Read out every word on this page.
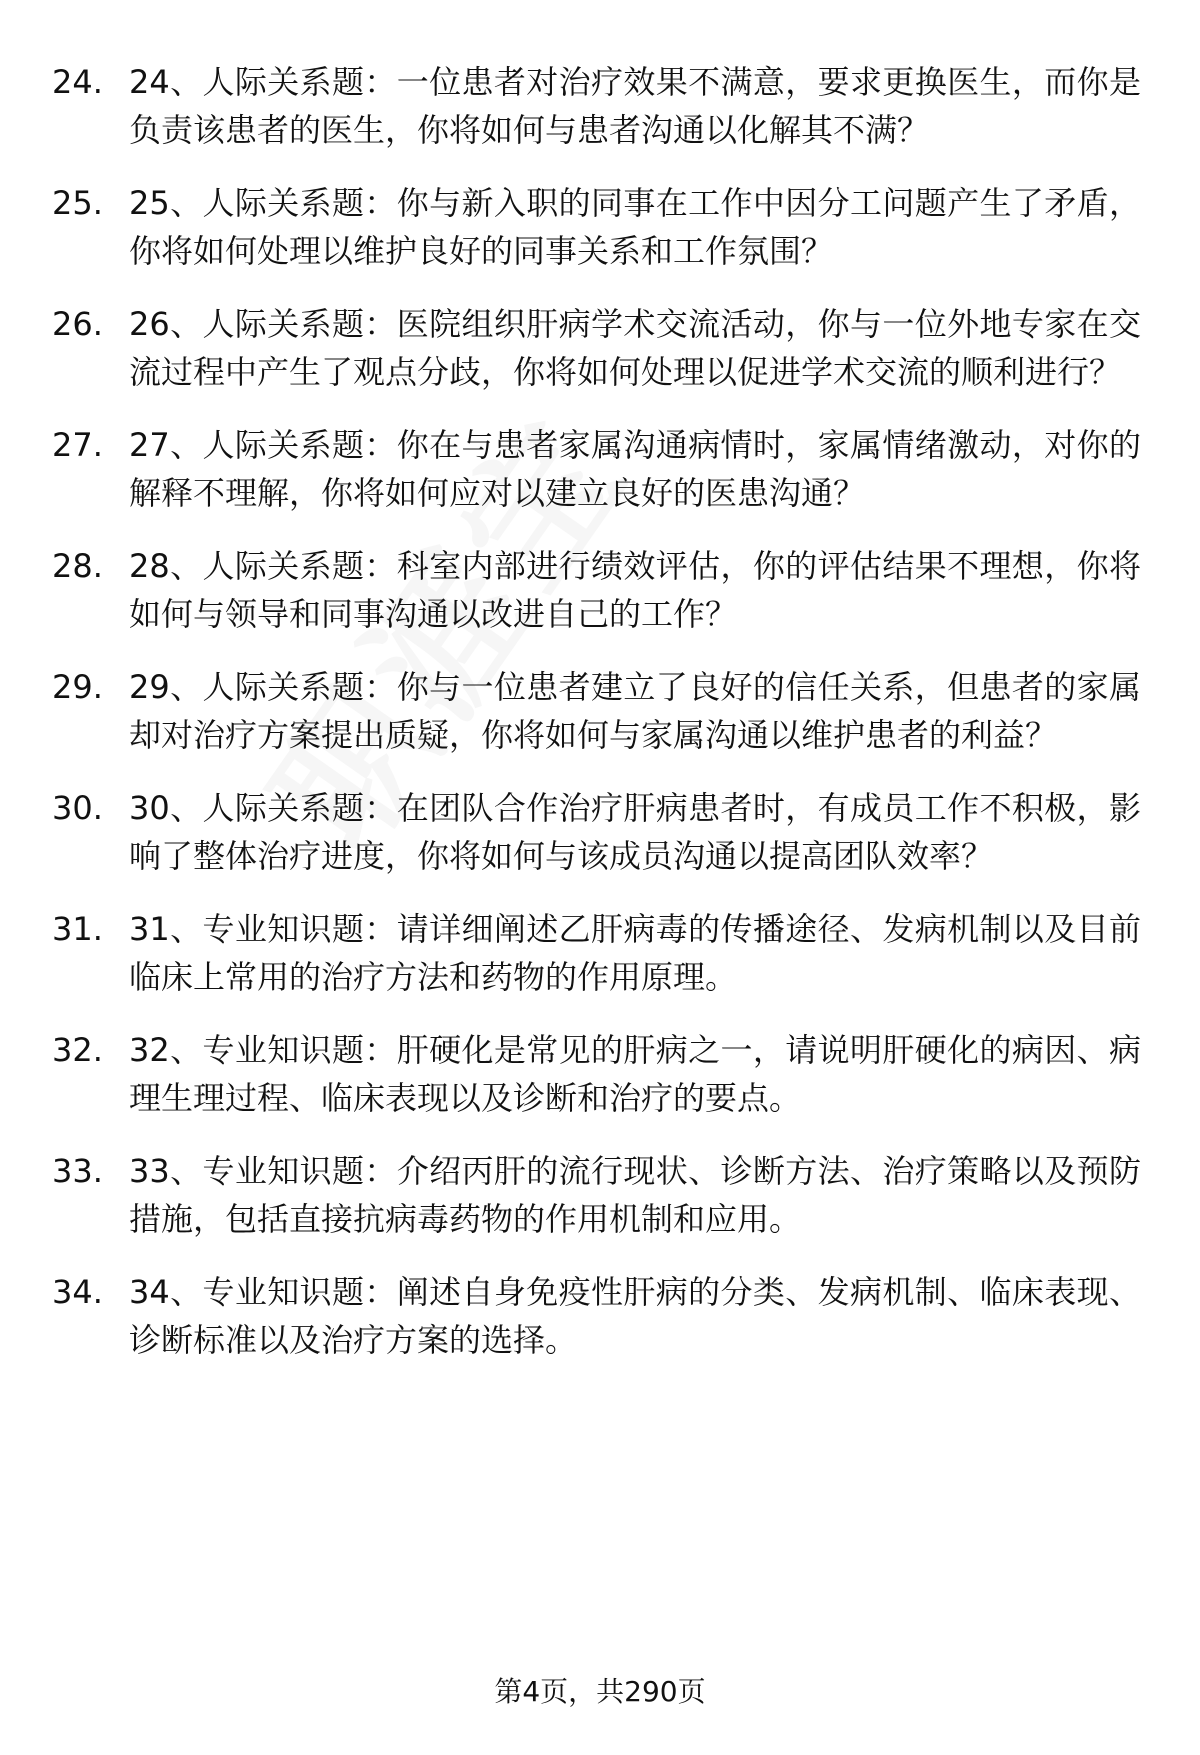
24. 24、人际关系题：一位患者对治疗效果不满意，要求更换医生，而你是负责该患者的医生，你将如何与患者沟通以化解其不满？
25. 25、人际关系题：你与新入职的同事在工作中因分工问题产生了矛盾，你将如何处理以维护良好的同事关系和工作氛围？
26. 26、人际关系题：医院组织肝病学术交流活动，你与一位外地专家在交流过程中产生了观点分歧，你将如何处理以促进学术交流的顺利进行？
27. 27、人际关系题：你在与患者家属沟通病情时，家属情绪激动，对你的解释不理解，你将如何应对以建立良好的医患沟通？
28. 28、人际关系题：科室内部进行绩效评估，你的评估结果不理想，你将如何与领导和同事沟通以改进自己的工作？
29. 29、人际关系题：你与一位患者建立了良好的信任关系，但患者的家属却对治疗方案提出质疑，你将如何与家属沟通以维护患者的利益？
30. 30、人际关系题：在团队合作治疗肝病患者时，有成员工作不积极，影响了整体治疗进度，你将如何与该成员沟通以提高团队效率？
31. 31、专业知识题：请详细阐述乙肝病毒的传播途径、发病机制以及目前临床上常用的治疗方法和药物的作用原理。
32. 32、专业知识题：肝硬化是常见的肝病之一，请说明肝硬化的病因、病理生理过程、临床表现以及诊断和治疗的要点。
33. 33、专业知识题：介绍丙肝的流行现状、诊断方法、治疗策略以及预防措施，包括直接抗病毒药物的作用机制和应用。
34. 34、专业知识题：阐述自身免疫性肝病的分类、发病机制、临床表现、诊断标准以及治疗方案的选择。
第4页，共290页
